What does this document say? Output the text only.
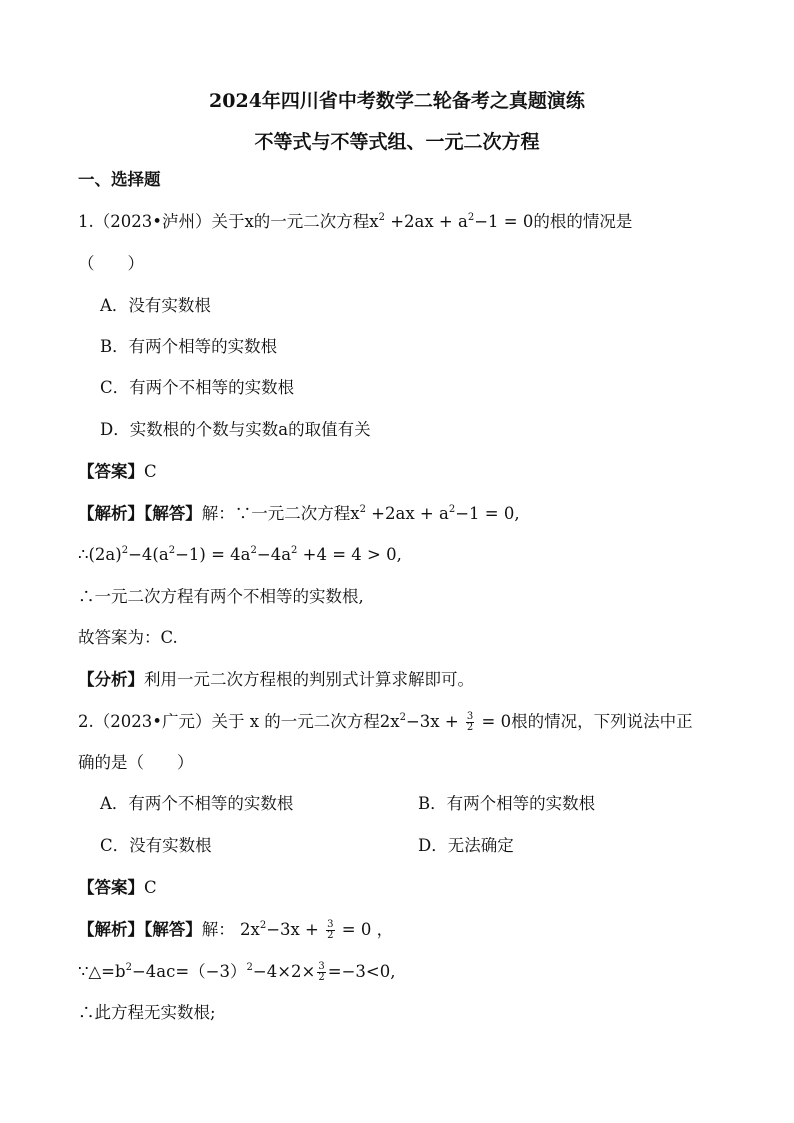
2024年四川省中考数学二轮备考之真题演练
不等式与不等式组、一元二次方程
一、选择题
1.（2023•泸州）关于x的一元二次方程$x^2 +2ax + a^2-1 = 0$的根的情况是
（　　）
A．没有实数根
B．有两个相等的实数根
C．有两个不相等的实数根
D．实数根的个数与实数a的取值有关
【答案】C
【解析】【解答】解：∵一元二次方程$x^2 +2ax + a^2-1 = 0$,
$\therefore(2a)^2-4(a^2-1) = 4a^2-4a^2 +4 = 4 > 0$,
∴一元二次方程有两个不相等的实数根,
故答案为：C.
【分析】利用一元二次方程根的判别式计算求解即可。
2.（2023•广元）关于 x 的一元二次方程$2x^2-3x + \frac{3}{2} = 0$根的情况，下列说法中正
确的是（　　）
A．有两个不相等的实数根	B．有两个相等的实数根
C．没有实数根	D．无法确定
【答案】C
【解析】【解答】解： $2x^2-3x + \frac{3}{2} = 0$ ，
$\because\triangle=b^2-4ac=(-3)^2-4\times 2\times \frac{3}{2} =-3<0$,
∴此方程无实数根;
